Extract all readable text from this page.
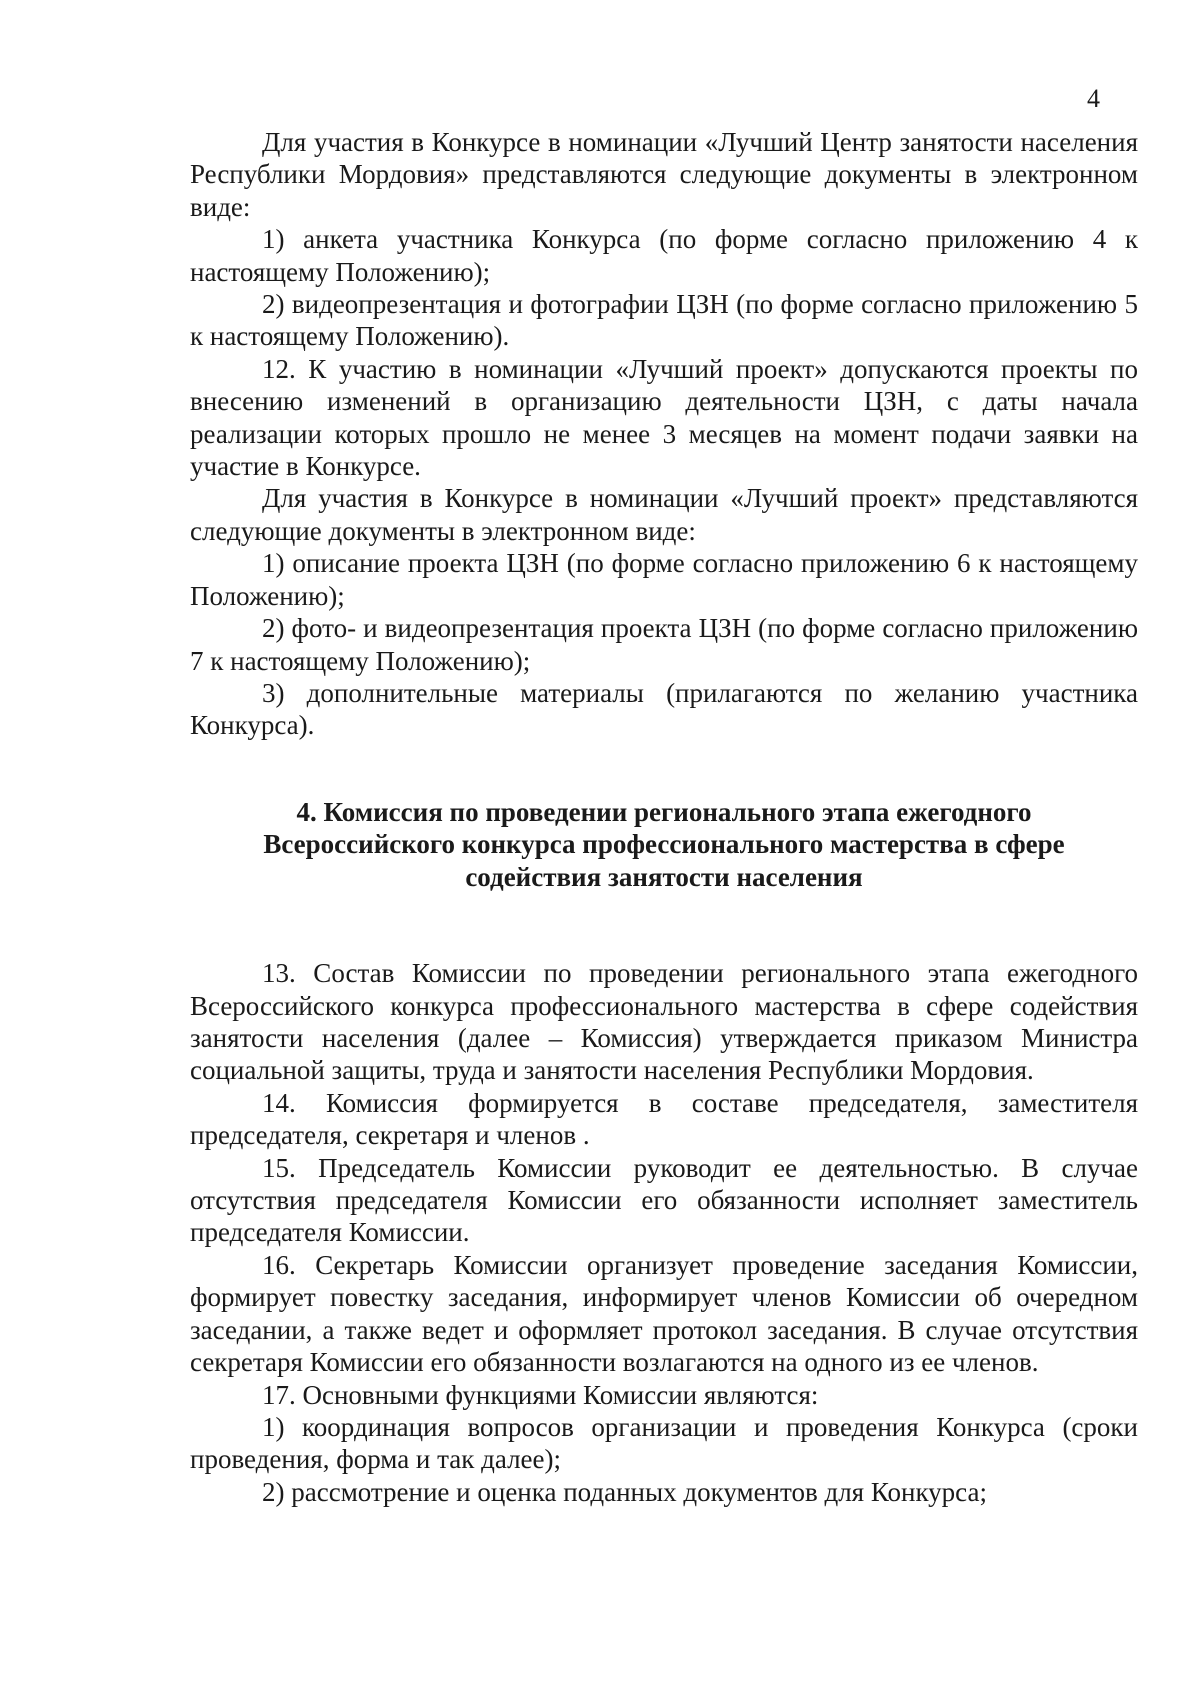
4

Для участия в Конкурсе в номинации «Лучший Центр занятости населения Республики Мордовия» представляются следующие документы в электронном виде:

1) анкета участника Конкурса (по форме согласно приложению 4 к настоящему Положению);

2) видеопрезентация и фотографии ЦЗН (по форме согласно приложению 5 к настоящему Положению).

12. К участию в номинации «Лучший проект» допускаются проекты по внесению изменений в организацию деятельности ЦЗН, с даты начала реализации которых прошло не менее 3 месяцев на момент подачи заявки на участие в Конкурсе.

Для участия в Конкурсе в номинации «Лучший проект» представляются следующие документы в электронном виде:

1) описание проекта ЦЗН (по форме согласно приложению 6 к настоящему Положению);

2) фото- и видеопрезентация проекта ЦЗН (по форме согласно приложению 7 к настоящему Положению);

3) дополнительные материалы (прилагаются по желанию участника Конкурса).

4. Комиссия по проведении регионального этапа ежегодного Всероссийского конкурса профессионального мастерства в сфере содействия занятости населения

13. Состав Комиссии по проведении регионального этапа ежегодного Всероссийского конкурса профессионального мастерства в сфере содействия занятости населения (далее – Комиссия) утверждается приказом Министра социальной защиты, труда и занятости населения Республики Мордовия.

14. Комиссия формируется в составе председателя, заместителя председателя, секретаря и членов .

15. Председатель Комиссии руководит ее деятельностью. В случае отсутствия председателя Комиссии его обязанности исполняет заместитель председателя Комиссии.

16. Секретарь Комиссии организует проведение заседания Комиссии, формирует повестку заседания, информирует членов Комиссии об очередном заседании, а также ведет и оформляет протокол заседания. В случае отсутствия секретаря Комиссии его обязанности возлагаются на одного из ее членов.

17. Основными функциями Комиссии являются:

1) координация вопросов организации и проведения Конкурса (сроки проведения, форма и так далее);

2) рассмотрение и оценка поданных документов для Конкурса;
